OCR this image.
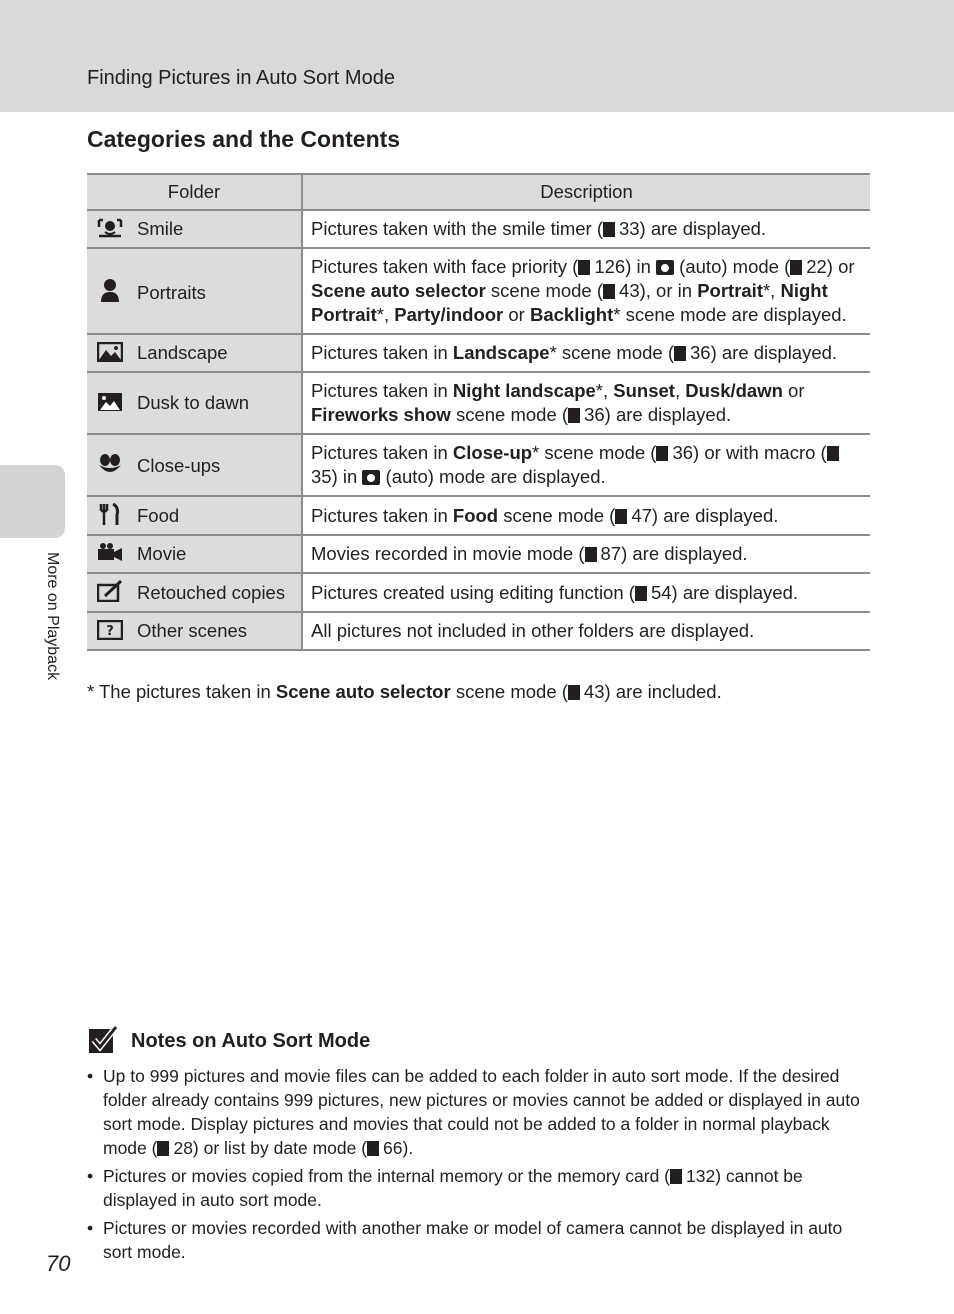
Finding Pictures in Auto Sort Mode
Categories and the Contents
Folder	Description

Smile	Pictures taken with the smile timer ( 33) are displayed.

Portraits	Pictures taken with face priority ( 126) in  (auto) mode ( 22) or Scene auto selector scene mode ( 43), or in Portrait*, Night Portrait*, Party/indoor or Backlight* scene mode are displayed.

Landscape	Pictures taken in Landscape* scene mode ( 36) are displayed.

Dusk to dawn	Pictures taken in Night landscape*, Sunset, Dusk/dawn or Fireworks show scene mode ( 36) are displayed.

Close-ups	Pictures taken in Close-up* scene mode ( 36) or with macro (35) in  (auto) mode are displayed.

Food	Pictures taken in Food scene mode ( 47) are displayed.

Movie	Movies recorded in movie mode ( 87) are displayed.

Retouched copies	Pictures created using editing function ( 54) are displayed.

? Other scenes	All pictures not included in other folders are displayed.
* The pictures taken in Scene auto selector scene mode ( 43) are included.
More on Playback
Notes on Auto Sort Mode
• Up to 999 pictures and movie files can be added to each folder in auto sort mode. If the desired folder already contains 999 pictures, new pictures or movies cannot be added or displayed in auto sort mode. Display pictures and movies that could not be added to a folder in normal playback mode ( 28) or list by date mode ( 66).
• Pictures or movies copied from the internal memory or the memory card ( 132) cannot be displayed in auto sort mode.
• Pictures or movies recorded with another make or model of camera cannot be displayed in auto sort mode.
70
